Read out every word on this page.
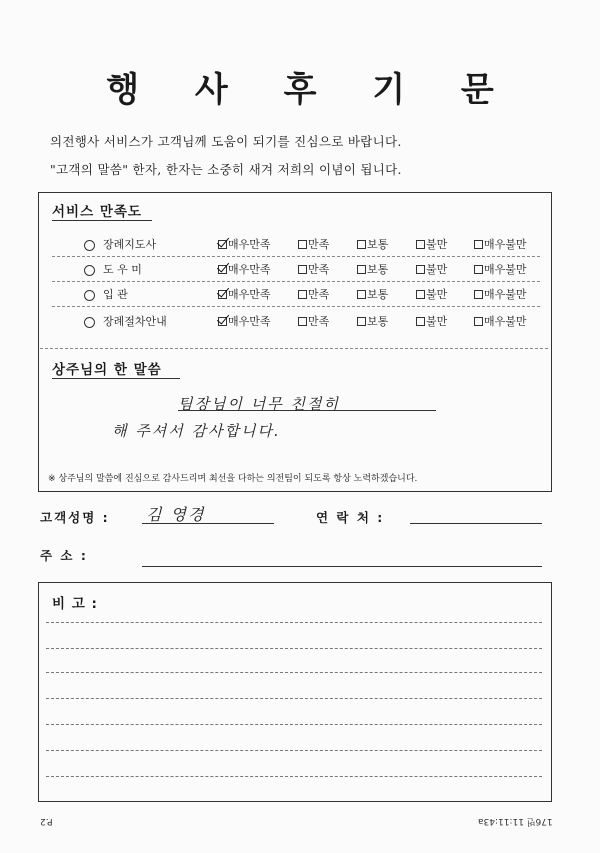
행 사 후 기 문
의전행사 서비스가 고객님께 도움이 되기를 진심으로 바랍니다.
"고객의 말씀" 한자, 한자는 소중히 새겨 저희의 이념이 됩니다.
서비스 만족도
장례지도사	매우만족	만족	보통	불만	매우불만
도 우 미	매우만족	만족	보통	불만	매우불만
입 관	매우만족	만족	보통	불만	매우불만
장례절차안내	매우만족	만족	보통	불만	매우불만
상주님의 한 말씀
팀장님이 너무 친절히
해 주셔서 감사합니다.
※ 상주님의 말씀에 진심으로 감사드리며 최선을 다하는 의전팀이 되도록 항상 노력하겠습니다.
고객성명 : 김 영경	연 락 처 :
주 소 :
비 고 :
P.2	176번 11:11:43a
